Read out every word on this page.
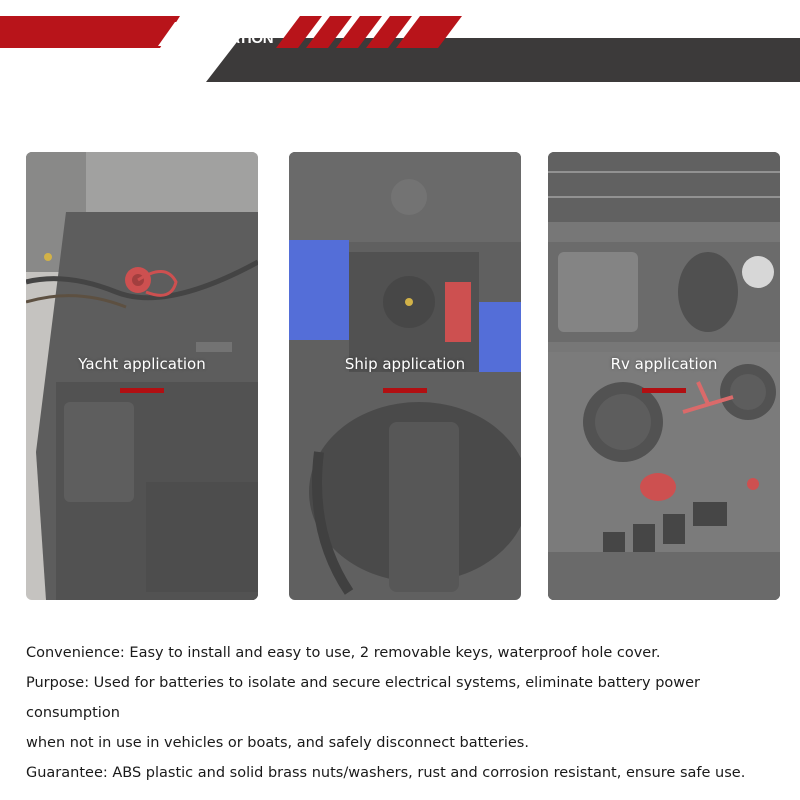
APPLICATION
Yacht application	Ship application	Rv application

Convenience: Easy to install and easy to use, 2 removable keys, waterproof hole cover.

Purpose: Used for batteries to isolate and secure electrical systems, eliminate battery power consumption

when not in use in vehicles or boats, and safely disconnect batteries.

Guarantee: ABS plastic and solid brass nuts/washers, rust and corrosion resistant, ensure safe use.
